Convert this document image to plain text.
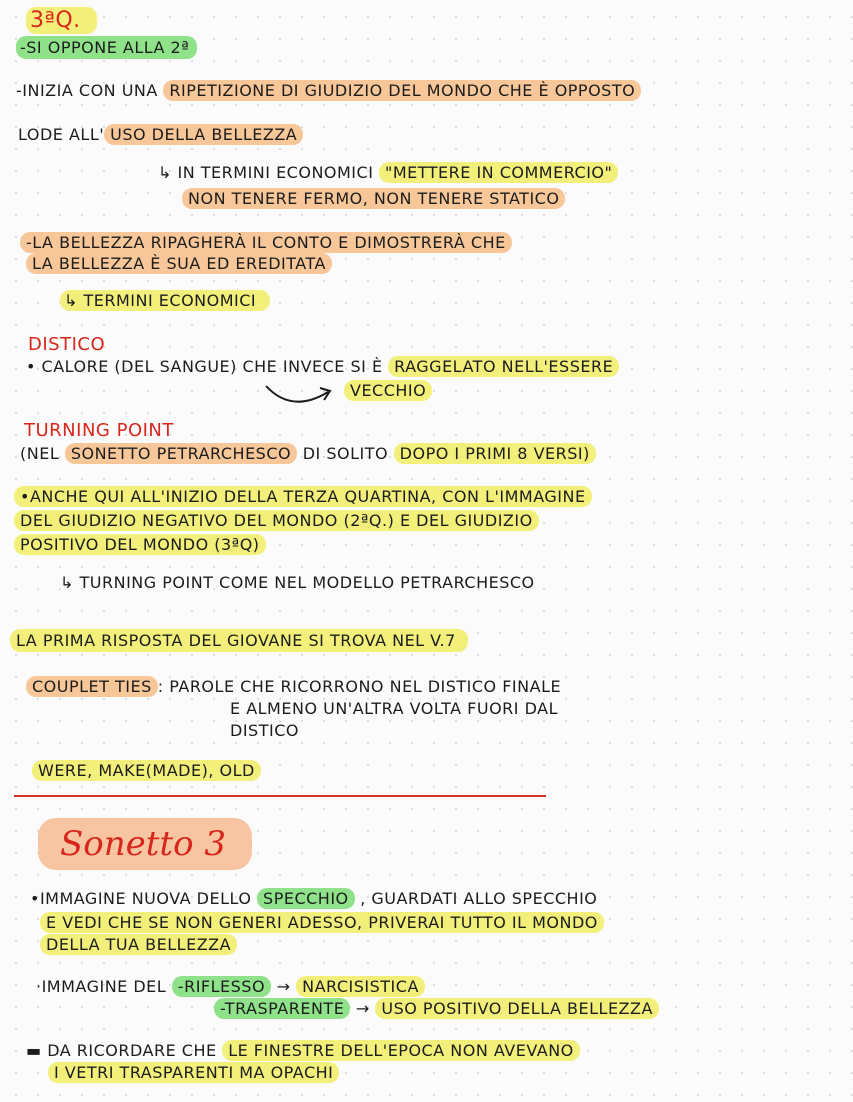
3ªQ.
-SI OPPONE ALLA 2ª
-INIZIA CON UNA RIPETIZIONE DI GIUDIZIO DEL MONDO CHE È OPPOSTO
LODE ALL' USO DELLA BELLEZZA
↳ IN TERMINI ECONOMICI "METTERE IN COMMERCIO"
NON TENERE FERMO, NON TENERE STATICO
-LA BELLEZZA RIPAGHERÀ IL CONTO E DIMOSTRERÀ CHE
LA BELLEZZA È SUA ED EREDITATA
↳ TERMINI ECONOMICI
DISTICO
• CALORE (DEL SANGUE) CHE INVECE SI È RAGGELATO NELL'ESSERE
VECCHIO
TURNING POINT
(NEL SONETTO PETRARCHESCO DI SOLITO DOPO I PRIMI 8 VERSI)
•ANCHE QUI ALL'INIZIO DELLA TERZA QUARTINA, CON L'IMMAGINE
DEL GIUDIZIO NEGATIVO DEL MONDO (2ªQ.) E DEL GIUDIZIO
POSITIVO DEL MONDO (3ªQ)
↳ TURNING POINT COME NEL MODELLO PETRARCHESCO
LA PRIMA RISPOSTA DEL GIOVANE SI TROVA NEL V.7
COUPLET TIES : PAROLE CHE RICORRONO NEL DISTICO FINALE
E ALMENO UN'ALTRA VOLTA FUORI DAL
DISTICO
WERE, MAKE(MADE), OLD
Sonetto 3
•IMMAGINE NUOVA DELLO SPECCHIO , GUARDATI ALLO SPECCHIO
E VEDI CHE SE NON GENERI ADESSO, PRIVERAI TUTTO IL MONDO
DELLA TUA BELLEZZA
·IMMAGINE DEL -RIFLESSO → NARCISISTICA
-TRASPARENTE → USO POSITIVO DELLA BELLEZZA
▬ DA RICORDARE CHE LE FINESTRE DELL'EPOCA NON AVEVANO
I VETRI TRASPARENTI MA OPACHI
